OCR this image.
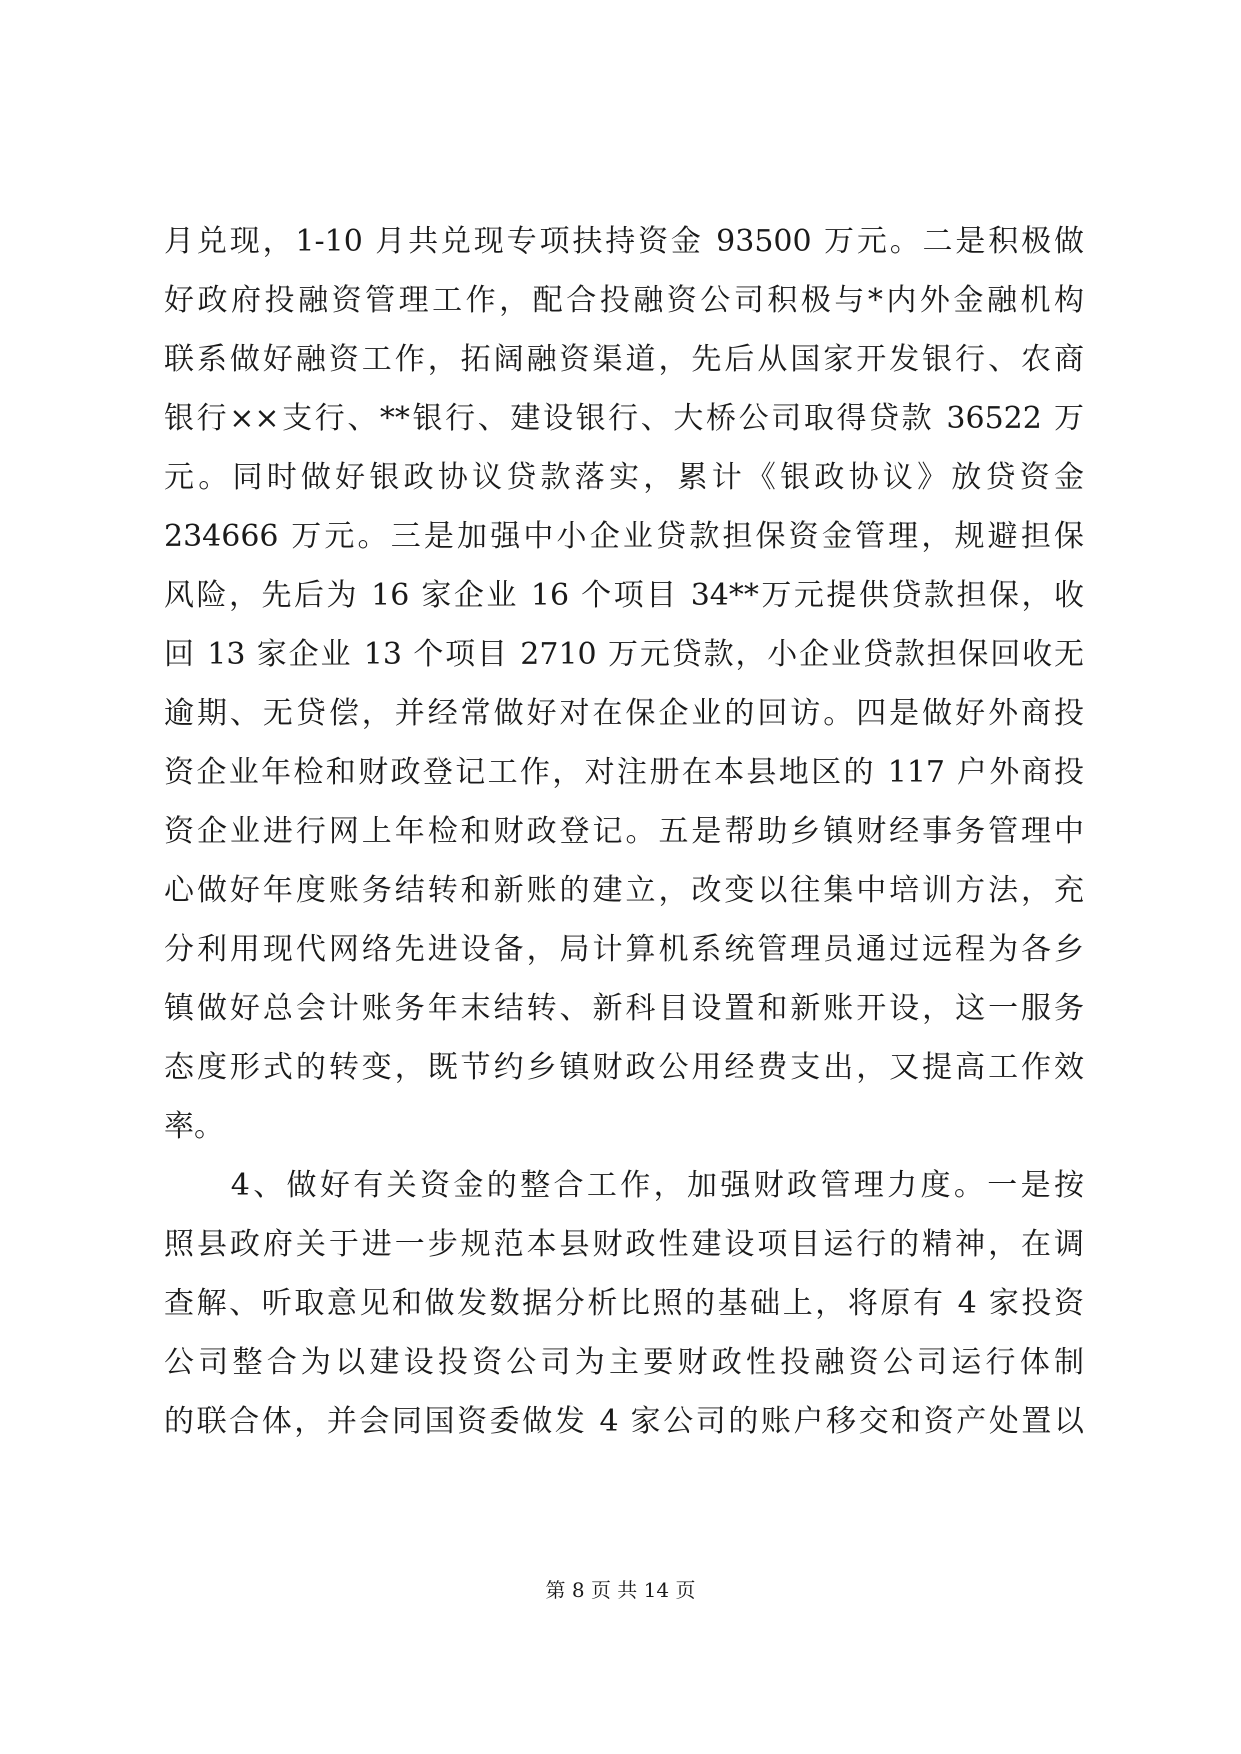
月兑现，1-10 月共兑现专项扶持资金 93500 万元。二是积极做
好政府投融资管理工作，配合投融资公司积极与*内外金融机构
联系做好融资工作，拓阔融资渠道，先后从国家开发银行、农商
银行××支行、**银行、建设银行、大桥公司取得贷款 36522 万
元。同时做好银政协议贷款落实，累计《银政协议》放贷资金
234666 万元。三是加强中小企业贷款担保资金管理，规避担保
风险，先后为 16 家企业 16 个项目 34**万元提供贷款担保，收
回 13 家企业 13 个项目 2710 万元贷款，小企业贷款担保回收无
逾期、无贷偿，并经常做好对在保企业的回访。四是做好外商投
资企业年检和财政登记工作，对注册在本县地区的 117 户外商投
资企业进行网上年检和财政登记。五是帮助乡镇财经事务管理中
心做好年度账务结转和新账的建立，改变以往集中培训方法，充
分利用现代网络先进设备，局计算机系统管理员通过远程为各乡
镇做好总会计账务年末结转、新科目设置和新账开设，这一服务
态度形式的转变，既节约乡镇财政公用经费支出，又提高工作效
率。
　　4、做好有关资金的整合工作，加强财政管理力度。一是按
照县政府关于进一步规范本县财政性建设项目运行的精神，在调
查解、听取意见和做发数据分析比照的基础上，将原有 4 家投资
公司整合为以建设投资公司为主要财政性投融资公司运行体制
的联合体，并会同国资委做发 4 家公司的账户移交和资产处置以
第 8 页 共 14 页
